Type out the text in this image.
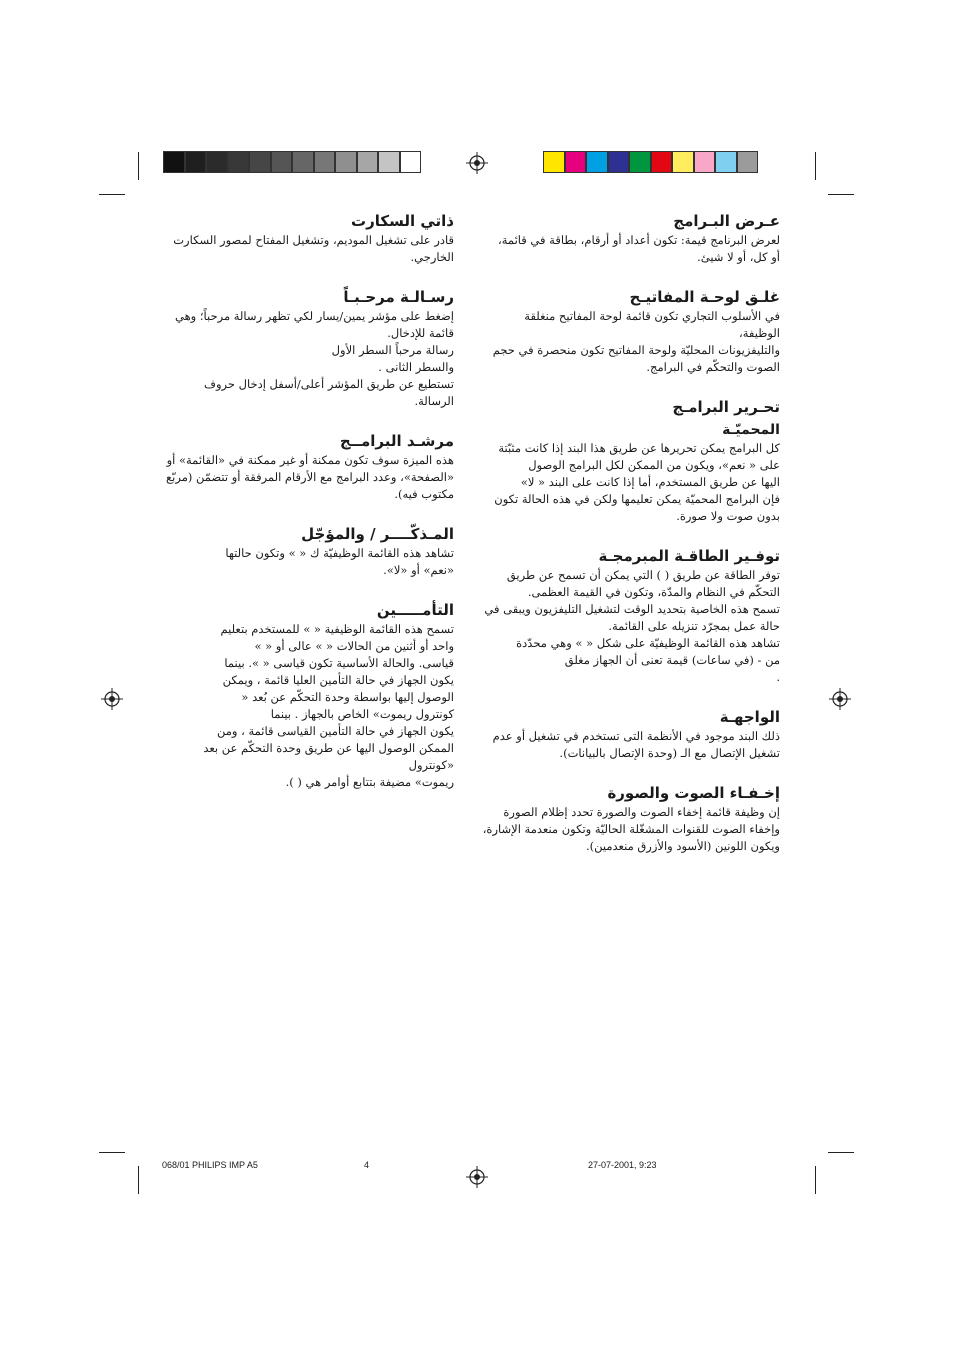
عـرض البـرامج

لعرض البرنامج قيمة: تكون أعداد أو أرقام، بطاقة في قائمة،
أو كل، أو لا شيئ.

غلـق لوحـة المفاتيـح

في الأسلوب التجاري تكون قائمة لوحة المفاتيح منغلقة الوظيفة،
والتليفزيونات المحليّة ولوحة المفاتيح تكون منحصرة في حجم
الصوت والتحكّم في البرامج.

تحـرير البرامـج
المحميّـة

كل البرامج يمكن تحريرها عن طريق هذا البند إذا كانت مثبّتة
على « نعم»، ويكون من الممكن لكل البرامج الوصول
اليها عن طريق المستخدم، أما إذا كانت على البند « لا»
فإن البرامج المحميّة يمكن تعليمها ولكن في هذه الحالة تكون
بدون صوت ولا صورة.

توفـير الطاقـة المبرمجـة

توفر الطاقة عن طريق ( ) التي يمكن أن تسمح عن طريق
التحكّم في النظام والمدّة، وتكون في القيمة العظمى.
تسمح هذه الخاصية بتحديد الوقت لتشغيل التليفزيون ويبقى في
حالة عمل بمجرّد تنزيله على القائمة.
تشاهد هذه القائمة الوظيفيّة على شكل « » وهي محدّدة
من - (في ساعات) قيمة تعنى أن الجهاز مغلق
.

الواجهـة

ذلك البند موجود في الأنظمة التى تستخدم في تشغيل أو عدم
تشغيل الإتصال مع الـ (وحدة الإتصال بالبيانات).

إخـفـاء الصوت والصورة

إن وظيفة قائمة إخفاء الصوت والصورة تحدد إظلام الصورة
وإخفاء الصوت للقنوات المشغّلة الحاليّة وتكون منعدمة الإشارة،
ويكون اللونين (الأسود والأزرق منعدمين).

ذاتي السكارت

قادر على تشغيل الموديم، وتشغيل المفتاح لمصور السكارت
الخارجي.

رسـالـة مرحـبـاً

إضغط على مؤشر يمين/يسار لكي تظهر رسالة مرحباً؛ وهي
قائمة للإدخال.
رسالة مرحباً السطر الأول
والسطر الثانى .
تستطيع عن طريق المؤشر أعلى/أسفل إدخال حروف الرسالة.

مرشـد البرامــج

هذه الميزة سوف تكون ممكنة أو غير ممكنة في «القائمة» أو
«الصفحة»، وعدد البرامج مع الأرقام المرفقة أو تتضمّن (مربّع
مكتوب فيه).

المـذكّــــر / والمؤجّل

تشاهد هذه القائمة الوظيفيّة ك « » وتكون حالتها
«نعم» أو «لا».

التأمـــــين

تسمح هذه القائمة الوظيفية « » للمستخدم بتعليم
واحد أو أثنين من الحالات « » عالى أو « »
قياسى. والحالة الأساسية تكون قياسى « ». بينما
يكون الجهاز في حالة التأمين العليا قائمة ، ويمكن
الوصول إليها بواسطة وحدة التحكّم عن بُعد «
كونترول ريموت» الخاص بالجهاز . بينما
يكون الجهاز في حالة التأمين القياسى قائمة ، ومن
الممكن الوصول اليها عن طريق وحدة التحكّم عن بعد «كونترول
ريموت» مضيفة بتتابع أوامر هي ( ).

068/01 PHILIPS IMP A5	4	27-07-2001, 9:23
